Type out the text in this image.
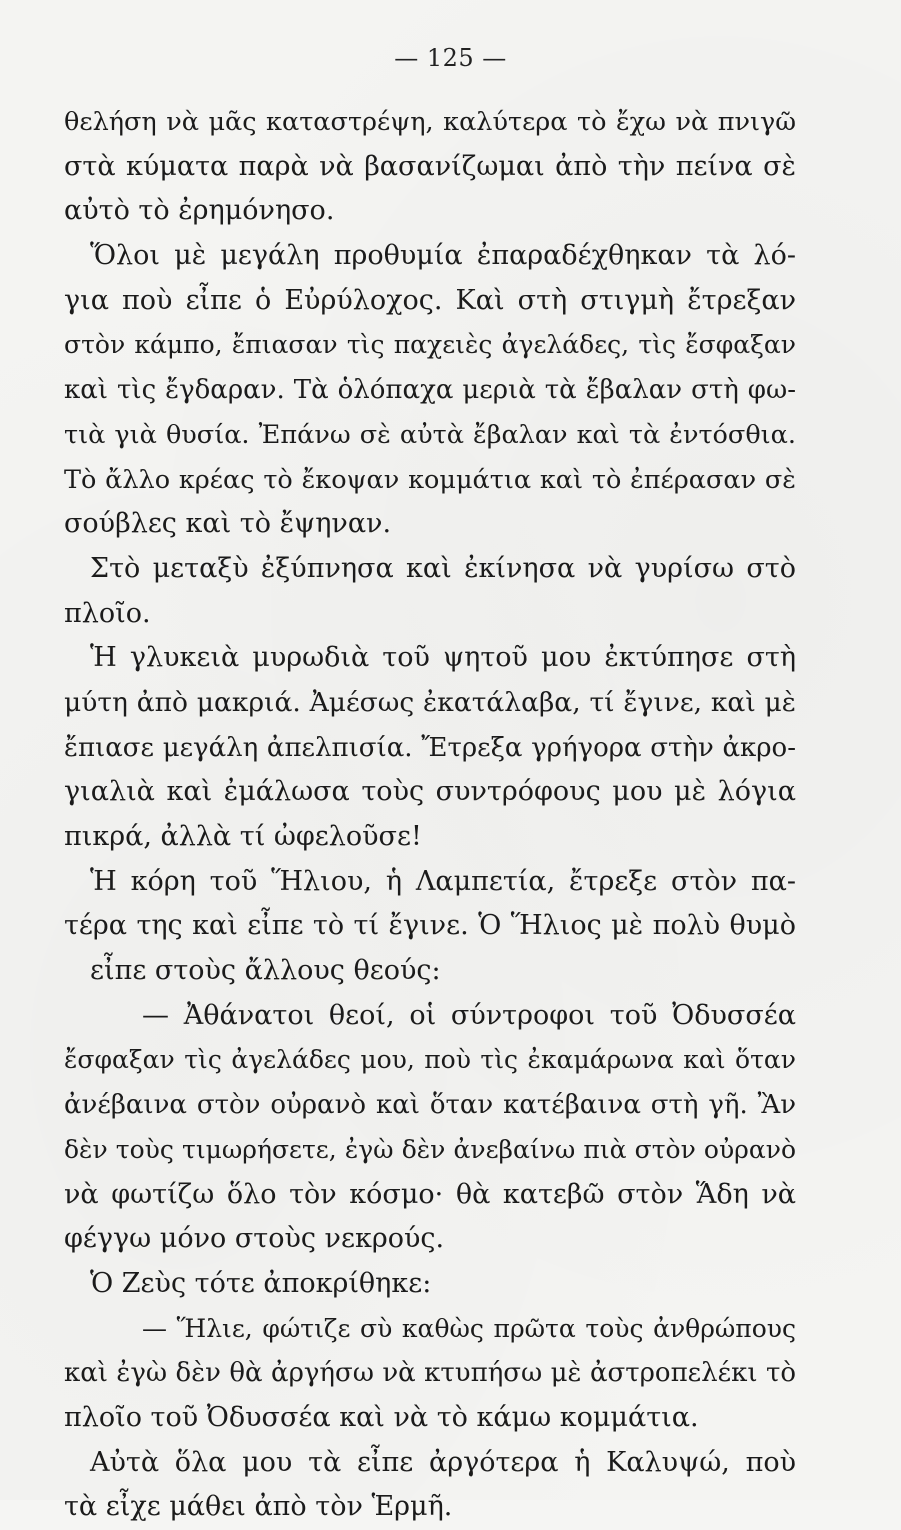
— 125 —
θελήση νὰ μᾶς καταστρέψη, καλύτερα τὸ ἔχω νὰ πνιγῶ
στὰ κύματα παρὰ νὰ βασανίζωμαι ἀπὸ τὴν πείνα σὲ
αὐτὸ τὸ ἐρημόνησο.
Ὅλοι μὲ μεγάλη προθυμία ἐπαραδέχθηκαν τὰ λό-
για ποὺ εἶπε ὁ Εὐρύλοχος. Καὶ στὴ στιγμὴ ἔτρεξαν
στὸν κάμπο, ἔπιασαν τὶς παχειὲς ἀγελάδες, τὶς ἔσφαξαν
καὶ τὶς ἔγδαραν. Τὰ ὁλόπαχα μεριὰ τὰ ἔβαλαν στὴ φω-
τιὰ γιὰ θυσία. Ἐπάνω σὲ αὐτὰ ἔβαλαν καὶ τὰ ἐντόσθια.
Τὸ ἄλλο κρέας τὸ ἔκοψαν κομμάτια καὶ τὸ ἐπέρασαν σὲ
σούβλες καὶ τὸ ἔψηναν.
Στὸ μεταξὺ ἐξύπνησα καὶ ἐκίνησα νὰ γυρίσω στὸ
πλοῖο.
Ἡ γλυκειὰ μυρωδιὰ τοῦ ψητοῦ μου ἐκτύπησε στὴ
μύτη ἀπὸ μακριά. Ἀμέσως ἐκατάλαβα, τί ἔγινε, καὶ μὲ
ἔπιασε μεγάλη ἀπελπισία. Ἔτρεξα γρήγορα στὴν ἀκρο-
γιαλιὰ καὶ ἐμάλωσα τοὺς συντρόφους μου μὲ λόγια
πικρά, ἀλλὰ τί ὠφελοῦσε!
Ἡ κόρη τοῦ Ἥλιου, ἡ Λαμπετία, ἔτρεξε στὸν πα-
τέρα της καὶ εἶπε τὸ τί ἔγινε. Ὁ Ἥλιος μὲ πολὺ θυμὸ
εἶπε στοὺς ἄλλους θεούς:
— Ἀθάνατοι θεοί, οἱ σύντροφοι τοῦ Ὀδυσσέα
ἔσφαξαν τὶς ἀγελάδες μου, ποὺ τὶς ἐκαμάρωνα καὶ ὅταν
ἀνέβαινα στὸν οὐρανὸ καὶ ὅταν κατέβαινα στὴ γῆ. Ἂν
δὲν τοὺς τιμωρήσετε, ἐγὼ δὲν ἀνεβαίνω πιὰ στὸν οὐρανὸ
νὰ φωτίζω ὅλο τὸν κόσμο· θὰ κατεβῶ στὸν Ἅδη νὰ
φέγγω μόνο στοὺς νεκρούς.
Ὁ Ζεὺς τότε ἀποκρίθηκε:
— Ἥλιε, φώτιζε σὺ καθὼς πρῶτα τοὺς ἀνθρώπους
καὶ ἐγὼ δὲν θὰ ἀργήσω νὰ κτυπήσω μὲ ἀστροπελέκι τὸ
πλοῖο τοῦ Ὀδυσσέα καὶ νὰ τὸ κάμω κομμάτια.
Αὐτὰ ὅλα μου τὰ εἶπε ἀργότερα ἡ Καλυψώ, ποὺ
τὰ εἶχε μάθει ἀπὸ τὸν Ἑρμῆ.
